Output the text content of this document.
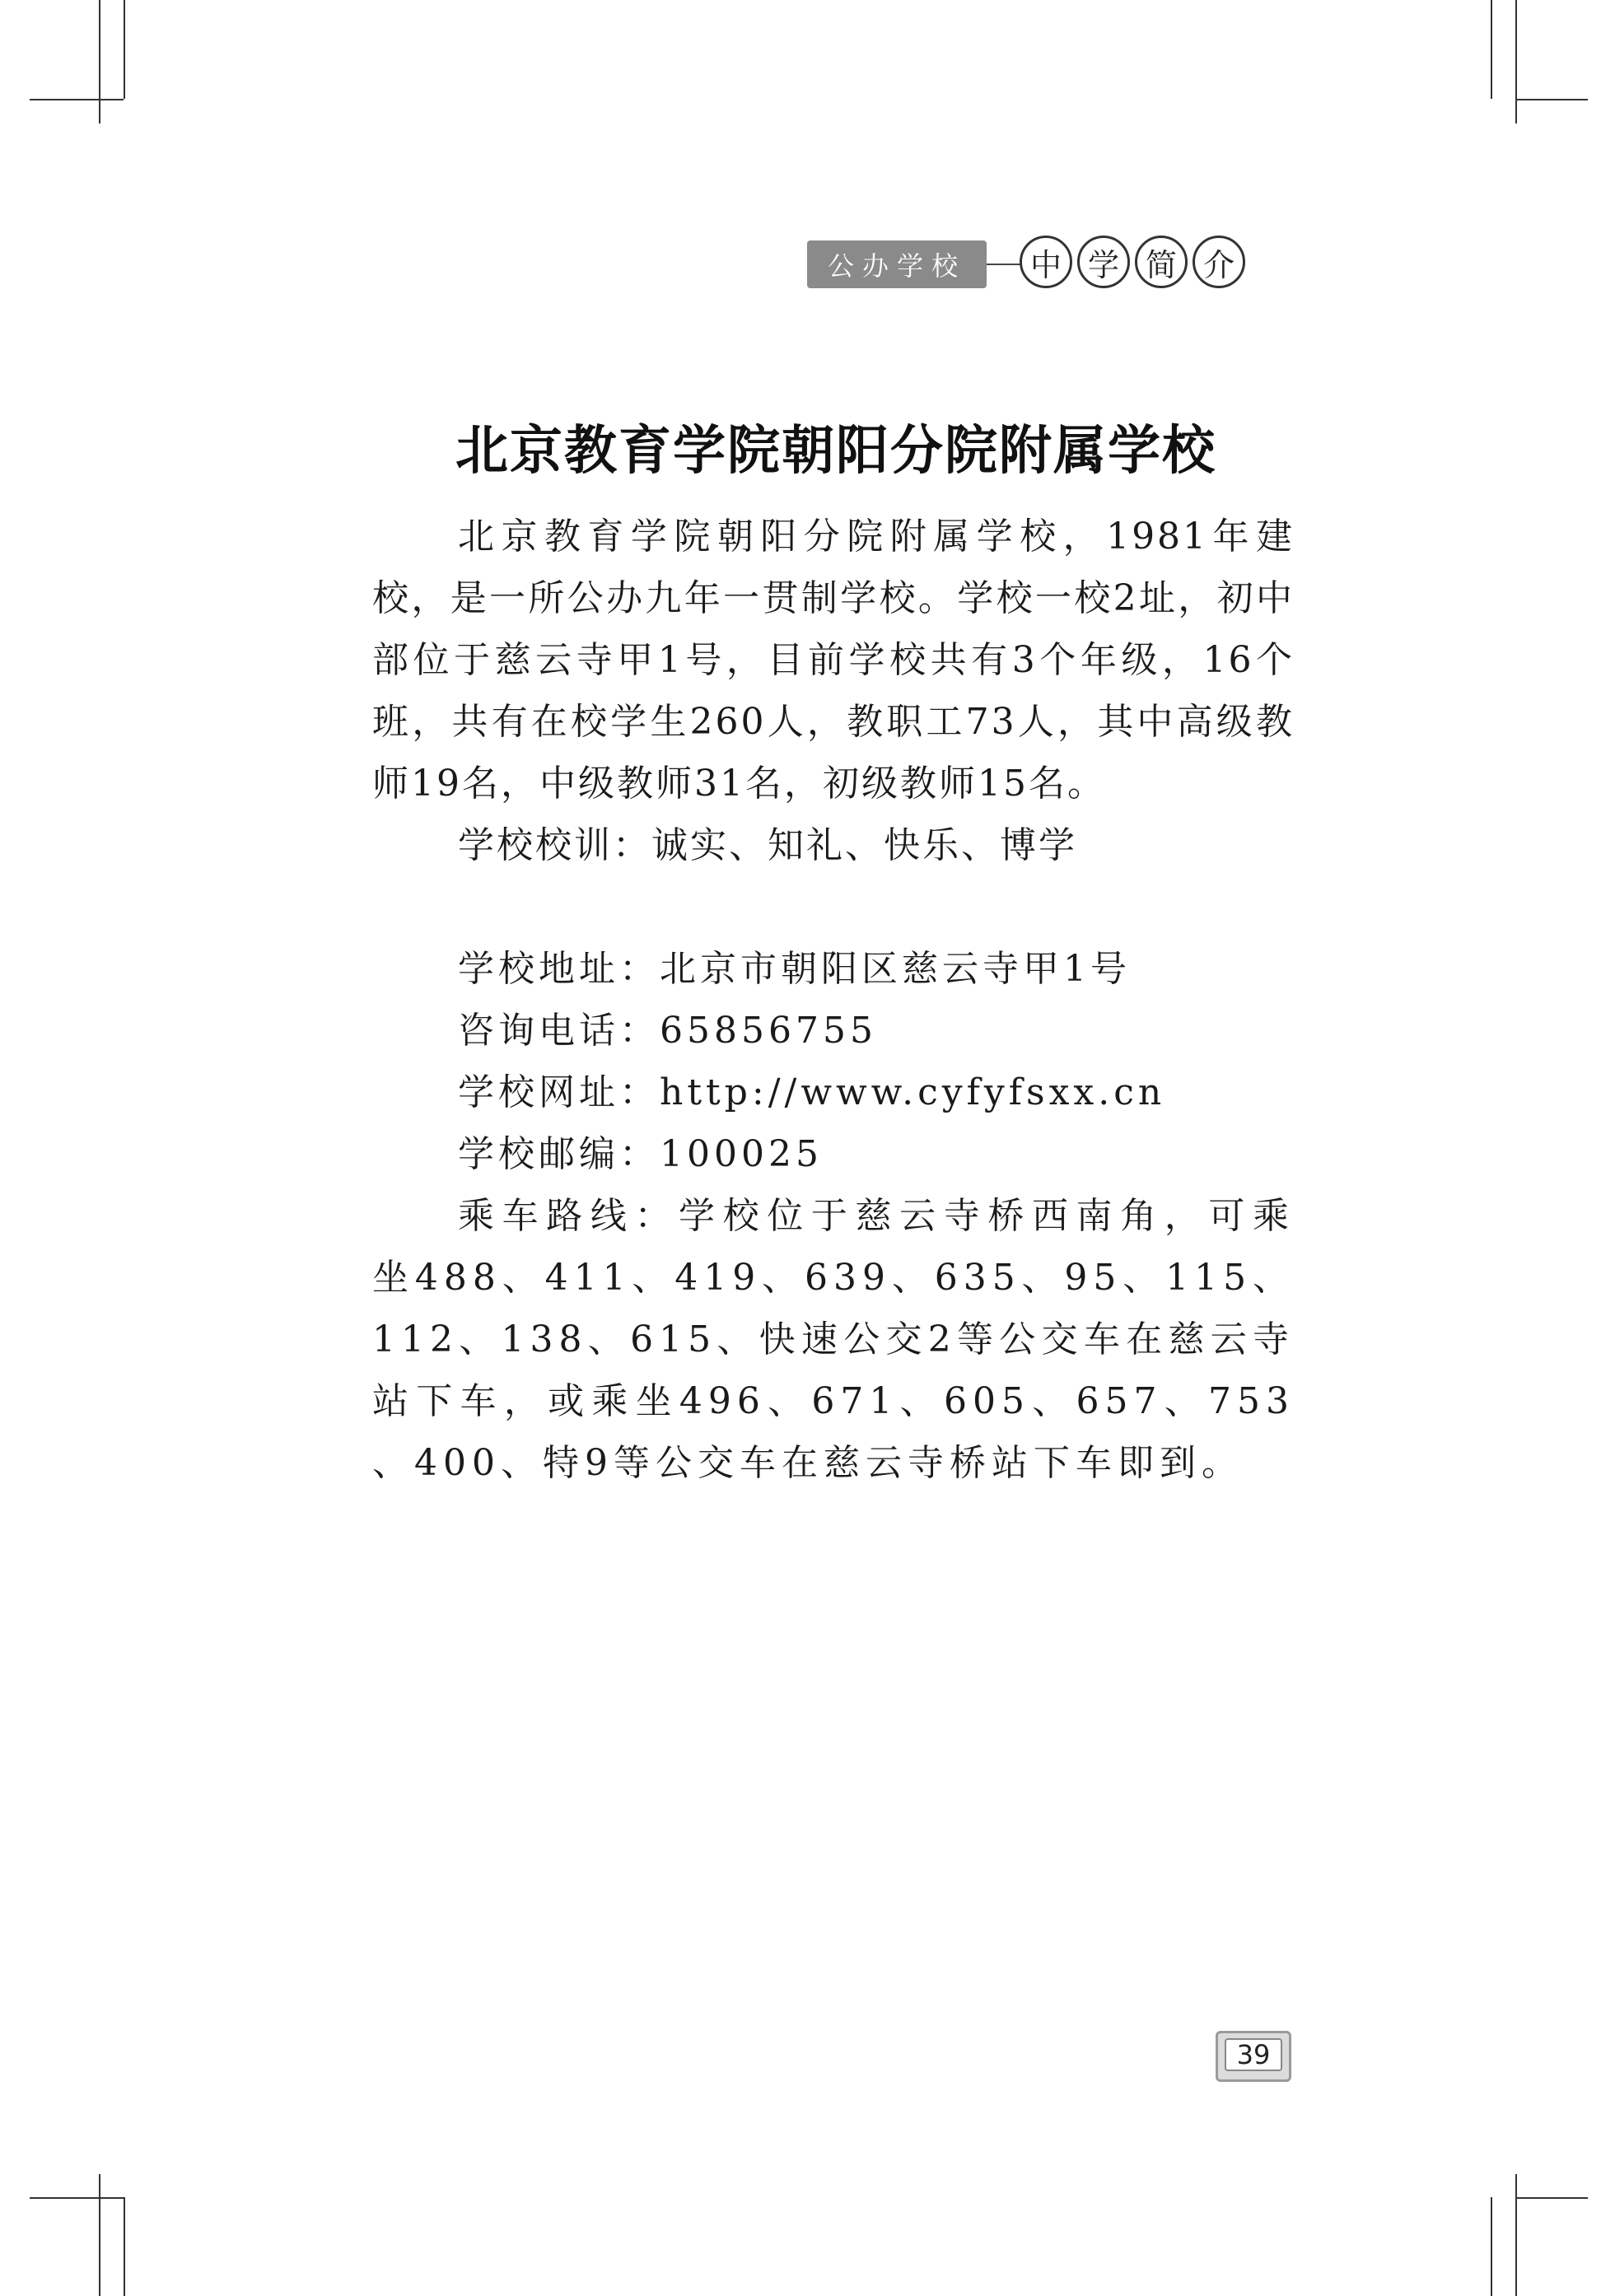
公办学校	中 学 简 介
北京教育学院朝阳分院附属学校

北京教育学院朝阳分院附属学校，1981年建校，是一所公办九年一贯制学校。学校一校2址，初中部位于慈云寺甲1号，目前学校共有3个年级，16个班，共有在校学生260人，教职工73人，其中高级教师19名，中级教师31名，初级教师15名。

学校校训：诚实、知礼、快乐、博学

学校地址：北京市朝阳区慈云寺甲1号

咨询电话：65856755

学校网址：http://www.cyfyfsxx.cn

学校邮编：100025

乘车路线：学校位于慈云寺桥西南角，可乘坐488、411、419、639、635、95、115、112、138、615、快速公交2等公交车在慈云寺站下车，或乘坐496、671、605、657、753 、400、特9等公交车在慈云寺桥站下车即到。

39
